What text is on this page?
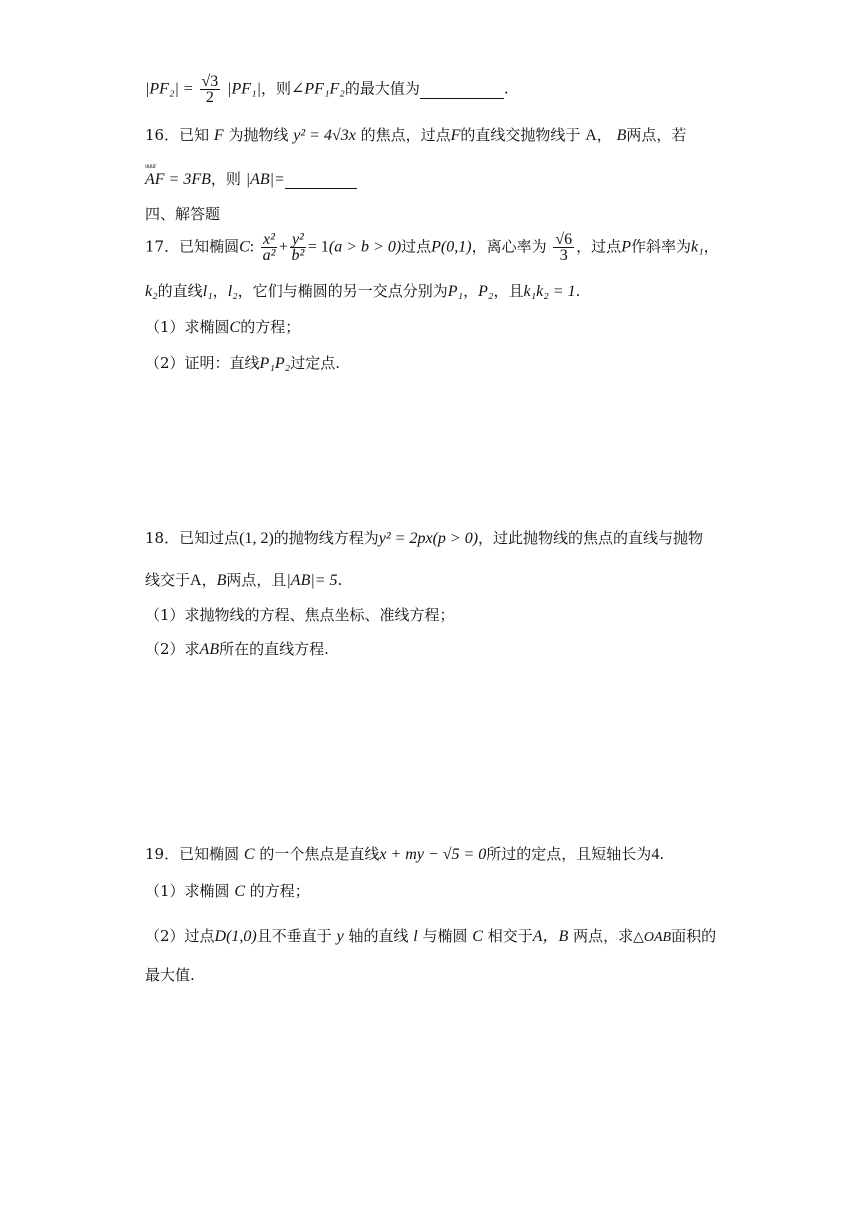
$|PF_2| = \frac{√3}{2} |PF_1|$，则∠PF₁F₂的最大值为	.
16．已知 F 为抛物线 y² = 4√3x 的焦点，过点F的直线交抛物线于 A， B两点，若
uuur
AF = 3FB，则 |AB|=
四、解答题
17．已知椭圆C: $\frac{\text{x²}}{\text{a²}} + \frac{\text{y²}}{\text{b²}} = 1(a > b > 0)$过点P(0,1)，离心率为 $\frac{√6}{3}$ ，过点P作斜率为k₁，
k₂的直线l₁，l₂，它们与椭圆的另一交点分别为P₁，P₂，且k₁k₂ = 1.
（1）求椭圆C的方程；
（2）证明：直线P₁P₂过定点.
18．已知过点(1, 2)的抛物线方程为y² = 2px(p > 0)，过此抛物线的焦点的直线与抛物
线交于A，B两点，且|AB|= 5.
（1）求抛物线的方程、焦点坐标、准线方程；
（2）求AB所在的直线方程.
19．已知椭圆 C 的一个焦点是直线x + my − √5 = 0所过的定点，且短轴长为4.
（1）求椭圆 C 的方程；
（2）过点D(1,0)且不垂直于 y 轴的直线 l 与椭圆 C 相交于A，B 两点，求△OAB面积的
最大值.
